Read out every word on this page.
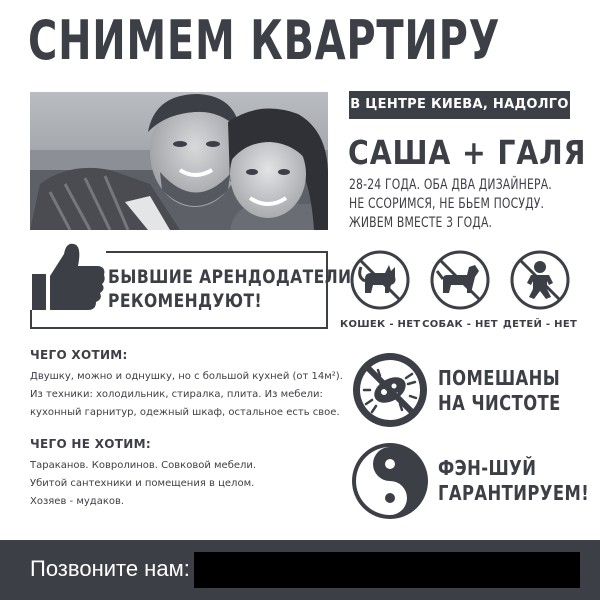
СНИМЕМ КВАРТИРУ
В ЦЕНТРЕ КИЕВА, НАДОЛГО
САША + ГАЛЯ
28-24 ГОДА. ОБА ДВА ДИЗАЙНЕРА.
НЕ ССОРИМСЯ, НЕ БЬЕМ ПОСУДУ.
ЖИВЕМ ВМЕСТЕ 3 ГОДА.
БЫВШИЕ АРЕНДОДАТЕЛИ
РЕКОМЕНДУЮТ!
КОШЕК - НЕТ СОБАК - НЕТ ДЕТЕЙ - НЕТ
ЧЕГО ХОТИМ:
Двушку, можно и однушку, но с большой кухней (от 14м²).
Из техники: холодильник, стиралка, плита. Из мебели:
кухонный гарнитур, одежный шкаф, остальное есть свое.
ЧЕГО НЕ ХОТИМ:
Тараканов. Ковролинов. Совковой мебели.
Убитой сантехники и помещения в целом.
Хозяев - мудаков.
ПОМЕШАНЫ
НА ЧИСТОТЕ
ФЭН-ШУЙ
ГАРАНТИРУЕМ!
Позвоните нам:
